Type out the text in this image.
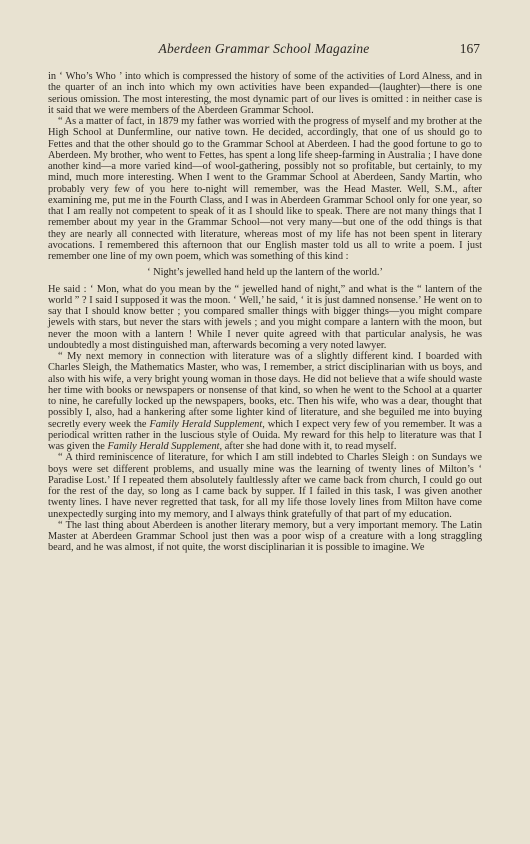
Aberdeen Grammar School Magazine	167

in ‘ Who’s Who ’ into which is compressed the history of some of the activities of Lord Alness, and in the quarter of an inch into which my own activities have been expanded—(laughter)—there is one serious omission. The most interesting, the most dynamic part of our lives is omitted : in neither case is it said that we were members of the Aberdeen Grammar School.

“ As a matter of fact, in 1879 my father was worried with the progress of myself and my brother at the High School at Dunfermline, our native town. He decided, accordingly, that one of us should go to Fettes and that the other should go to the Grammar School at Aberdeen. I had the good fortune to go to Aberdeen. My brother, who went to Fettes, has spent a long life sheep-farming in Australia ; I have done another kind—a more varied kind—of wool-gathering, possibly not so profitable, but certainly, to my mind, much more interesting. When I went to the Grammar School at Aberdeen, Sandy Martin, who probably very few of you here to-night will remember, was the Head Master. Well, S.M., after examining me, put me in the Fourth Class, and I was in Aberdeen Grammar School only for one year, so that I am really not competent to speak of it as I should like to speak. There are not many things that I remember about my year in the Grammar School—not very many—but one of the odd things is that they are nearly all connected with literature, whereas most of my life has not been spent in literary avocations. I remembered this afternoon that our English master told us all to write a poem. I just remember one line of my own poem, which was something of this kind :

‘ Night’s jewelled hand held up the lantern of the world.’

He said : ‘ Mon, what do you mean by the “ jewelled hand of night,” and what is the “ lantern of the world ” ? I said I supposed it was the moon. ‘ Well,’ he said, ‘ it is just damned nonsense.’ He went on to say that I should know better ; you compared smaller things with bigger things—you might compare jewels with stars, but never the stars with jewels ; and you might compare a lantern with the moon, but never the moon with a lantern ! While I never quite agreed with that particular analysis, he was undoubtedly a most distinguished man, afterwards becoming a very noted lawyer.

“ My next memory in connection with literature was of a slightly different kind. I boarded with Charles Sleigh, the Mathematics Master, who was, I remember, a strict disciplinarian with us boys, and also with his wife, a very bright young woman in those days. He did not believe that a wife should waste her time with books or newspapers or nonsense of that kind, so when he went to the School at a quarter to nine, he carefully locked up the newspapers, books, etc. Then his wife, who was a dear, thought that possibly I, also, had a hankering after some lighter kind of literature, and she beguiled me into buying secretly every week the Family Herald Supplement, which I expect very few of you remember. It was a periodical written rather in the luscious style of Ouida. My reward for this help to literature was that I was given the Family Herald Supplement, after she had done with it, to read myself.

“ A third reminiscence of literature, for which I am still indebted to Charles Sleigh : on Sundays we boys were set different problems, and usually mine was the learning of twenty lines of Milton’s ‘ Paradise Lost.’ If I repeated them absolutely faultlessly after we came back from church, I could go out for the rest of the day, so long as I came back by supper. If I failed in this task, I was given another twenty lines. I have never regretted that task, for all my life those lovely lines from Milton have come unexpectedly surging into my memory, and I always think gratefully of that part of my education.

“ The last thing about Aberdeen is another literary memory, but a very important memory. The Latin Master at Aberdeen Grammar School just then was a poor wisp of a creature with a long straggling beard, and he was almost, if not quite, the worst disciplinarian it is possible to imagine. We
